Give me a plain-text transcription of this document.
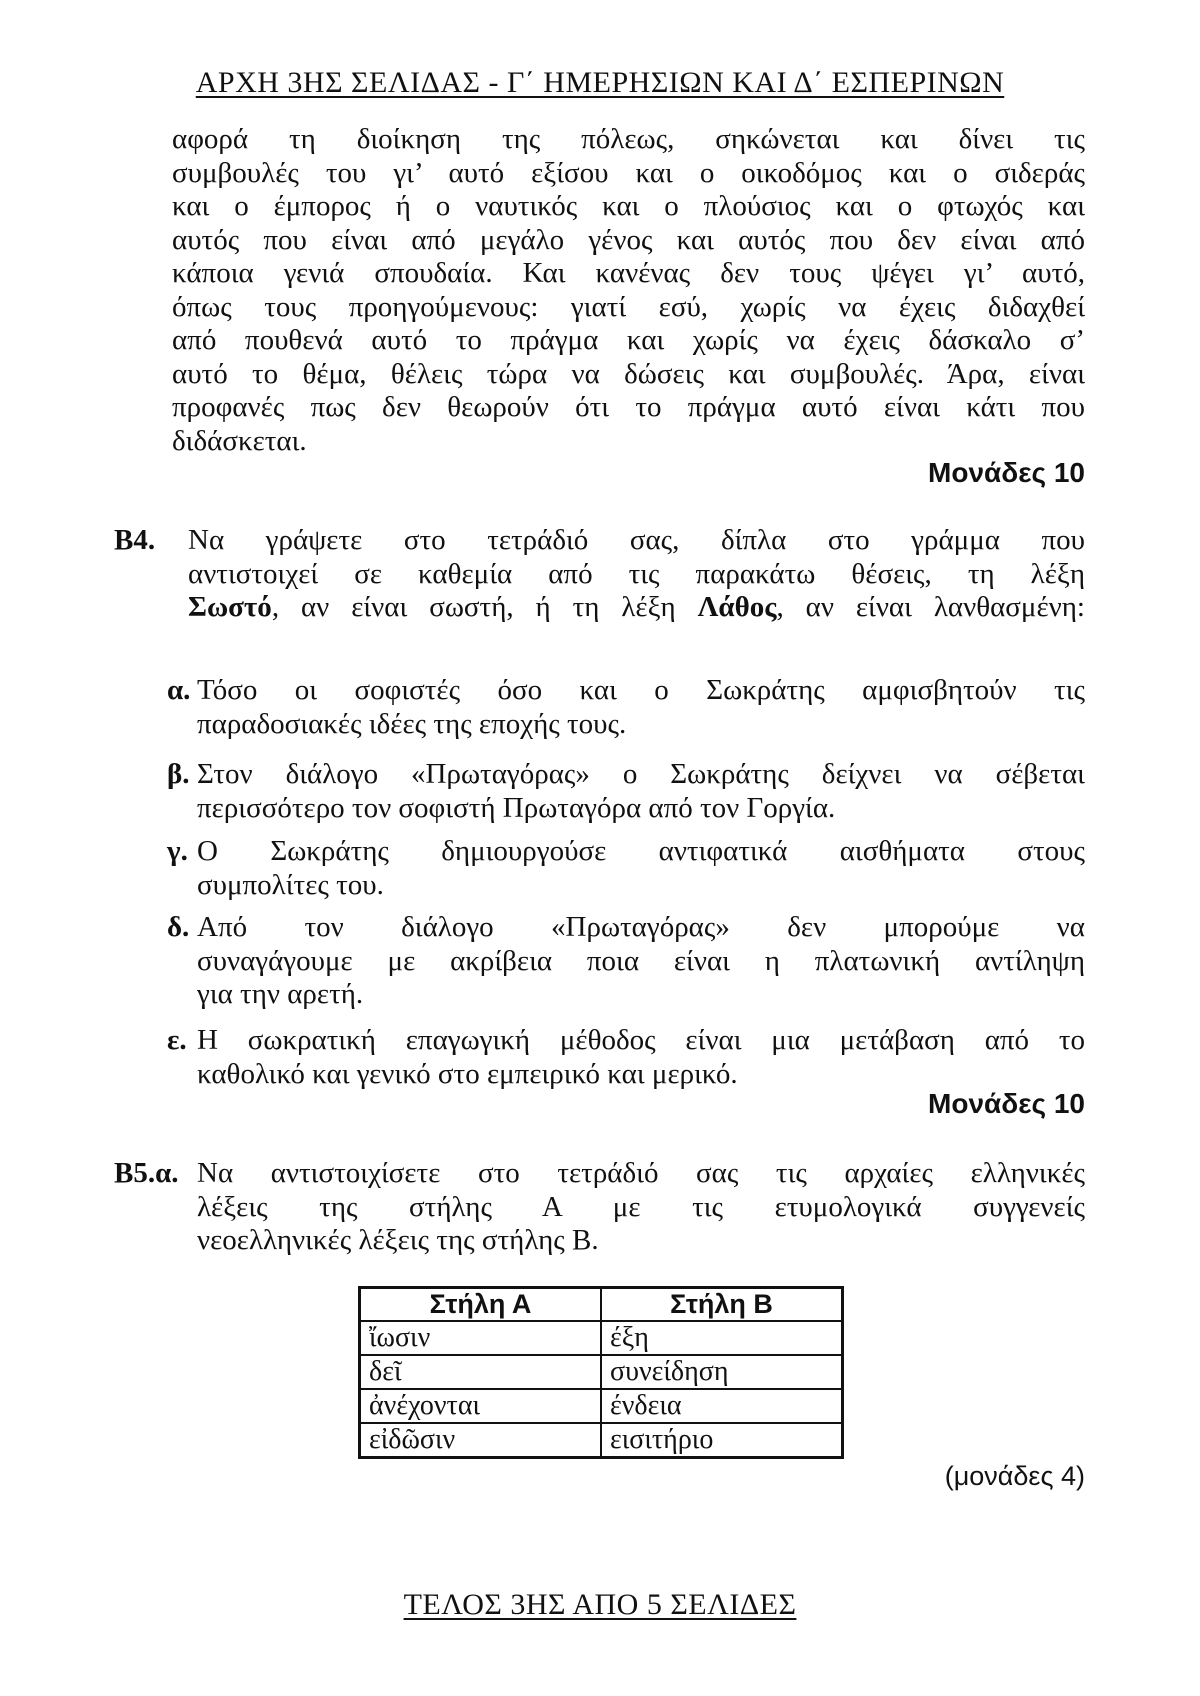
ΑΡΧΗ 3ΗΣ ΣΕΛΙΔΑΣ - Γ΄ ΗΜΕΡΗΣΙΩΝ ΚΑΙ Δ΄ ΕΣΠΕΡΙΝΩΝ
αφορά τη διοίκηση της πόλεως, σηκώνεται και δίνει τις
συμβουλές του γι’ αυτό εξίσου και ο οικοδόμος και ο σιδεράς
και ο έμπορος ή ο ναυτικός και ο πλούσιος και ο φτωχός και
αυτός που είναι από μεγάλο γένος και αυτός που δεν είναι από
κάποια γενιά σπουδαία. Και κανένας δεν τους ψέγει γι’ αυτό,
όπως τους προηγούμενους: γιατί εσύ, χωρίς να έχεις διδαχθεί
από πουθενά αυτό το πράγμα και χωρίς να έχεις δάσκαλο σ’
αυτό το θέμα, θέλεις τώρα να δώσεις και συμβουλές. Άρα, είναι
προφανές πως δεν θεωρούν ότι το πράγμα αυτό είναι κάτι που
διδάσκεται.
Μονάδες 10
Β4.	Να γράψετε στο τετράδιό σας, δίπλα στο γράμμα που
αντιστοιχεί σε καθεμία από τις παρακάτω θέσεις, τη λέξη
Σωστό, αν είναι σωστή, ή τη λέξη Λάθος, αν είναι λανθασμένη:
α. Τόσο οι σοφιστές όσο και ο Σωκράτης αμφισβητούν τις
παραδοσιακές ιδέες της εποχής τους.
β. Στον διάλογο «Πρωταγόρας» ο Σωκράτης δείχνει να σέβεται
περισσότερο τον σοφιστή Πρωταγόρα από τον Γοργία.
γ. Ο Σωκράτης δημιουργούσε αντιφατικά αισθήματα στους
συμπολίτες του.
δ. Από τον διάλογο «Πρωταγόρας» δεν μπορούμε να
συναγάγουμε με ακρίβεια ποια είναι η πλατωνική αντίληψη
για την αρετή.
ε. Η σωκρατική επαγωγική μέθοδος είναι μια μετάβαση από το
καθολικό και γενικό στο εμπειρικό και μερικό.
Μονάδες 10
Β5.α. Να αντιστοιχίσετε στο τετράδιό σας τις αρχαίες ελληνικές
λέξεις της στήλης Α με τις ετυμολογικά συγγενείς
νεοελληνικές λέξεις της στήλης Β.
Στήλη Α	Στήλη Β
ἴωσιν	έξη
δεῖ	συνείδηση
ἀνέχονται	ένδεια
εἰδῶσιν	εισιτήριο
(μονάδες 4)
ΤΕΛΟΣ 3ΗΣ ΑΠΟ 5 ΣΕΛΙΔΕΣ
